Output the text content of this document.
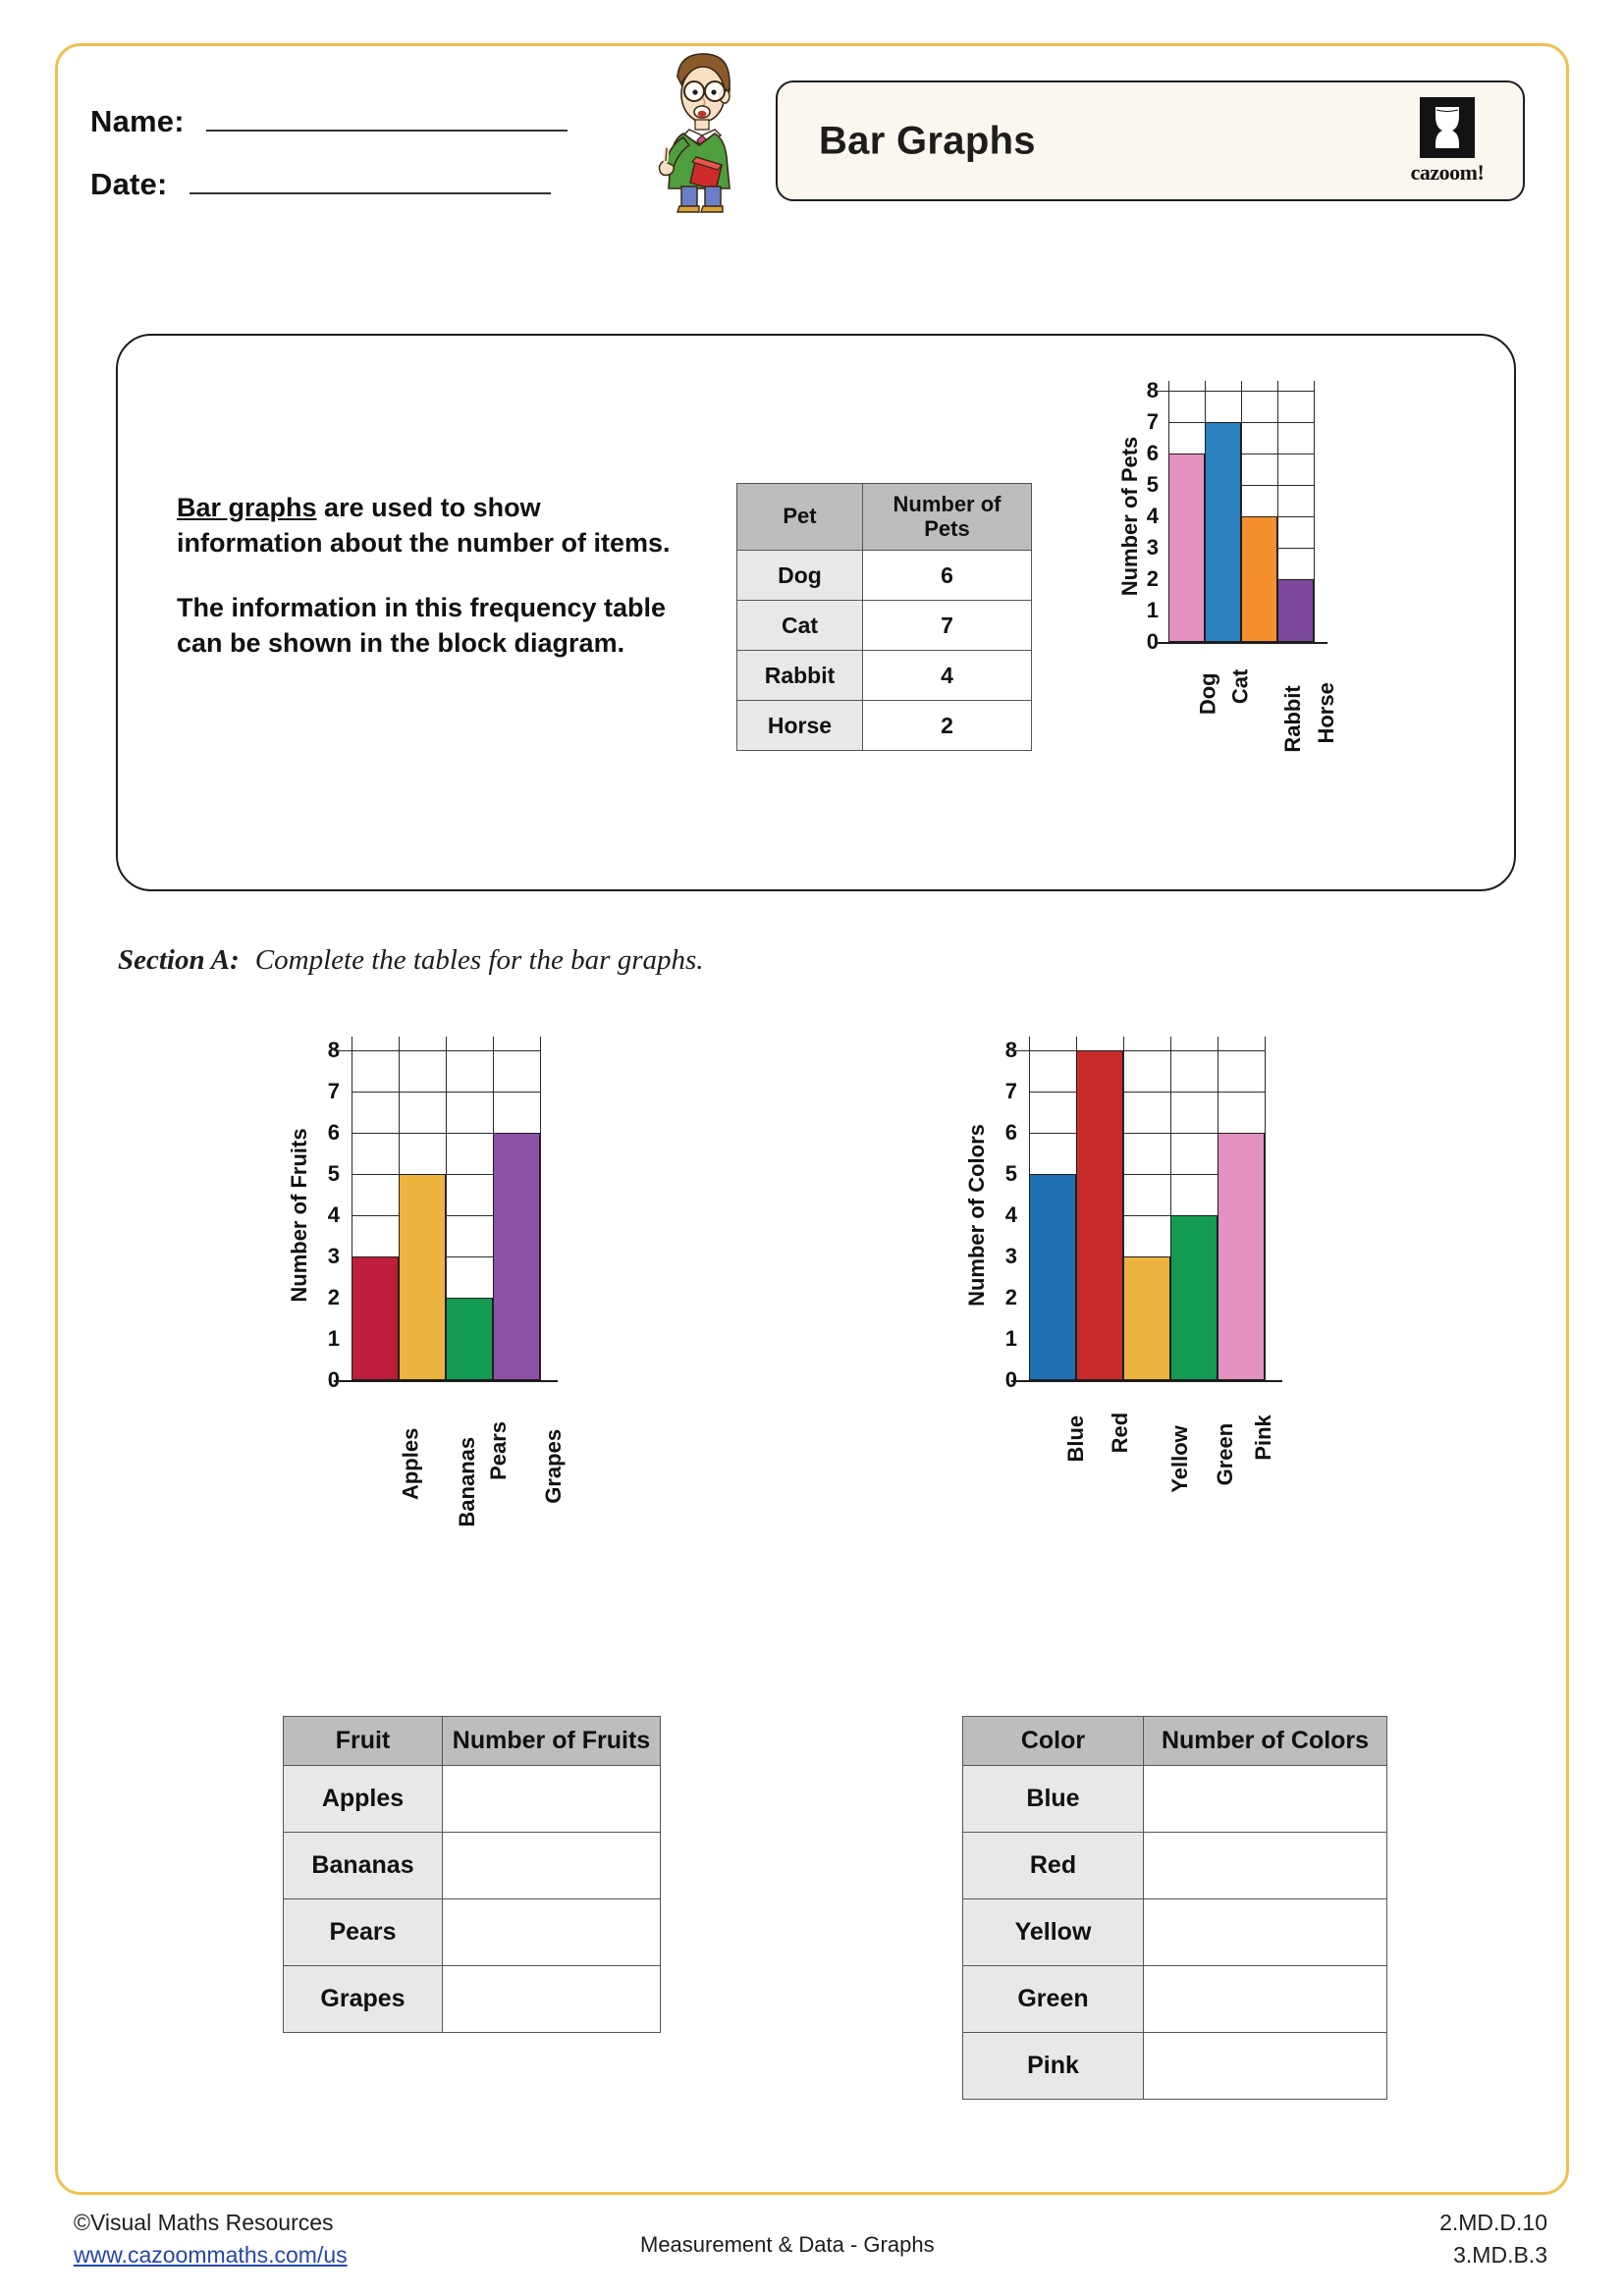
Name:
Date:
Bar Graphs
cazoom!

Bar graphs are used to show information about the number of items.

The information in this frequency table can be shown in the block diagram.

Pet	Number of Pets
Dog	6
Cat	7
Rabbit	4
Horse	2
Number of Pets
0
1
2
3
4
5
6
7
8
Dog Cat Rabbit Horse
Section A: Complete the tables for the bar graphs.
Number of Fruits
0
1
2
3
4
5
6
7
8
Apples Bananas Pears Grapes
Number of Colors
0
1
2
3
4
5
6
7
8
Blue Red Yellow Green Pink
Fruit	Number of Fruits
Apples	
Bananas	
Pears	
Grapes	
Color	Number of Colors
Blue	
Red	
Yellow	
Green	
Pink	
©Visual Maths Resources
www.cazoommaths.com/us	Measurement & Data - Graphs
2.MD.D.10
3.MD.B.3
